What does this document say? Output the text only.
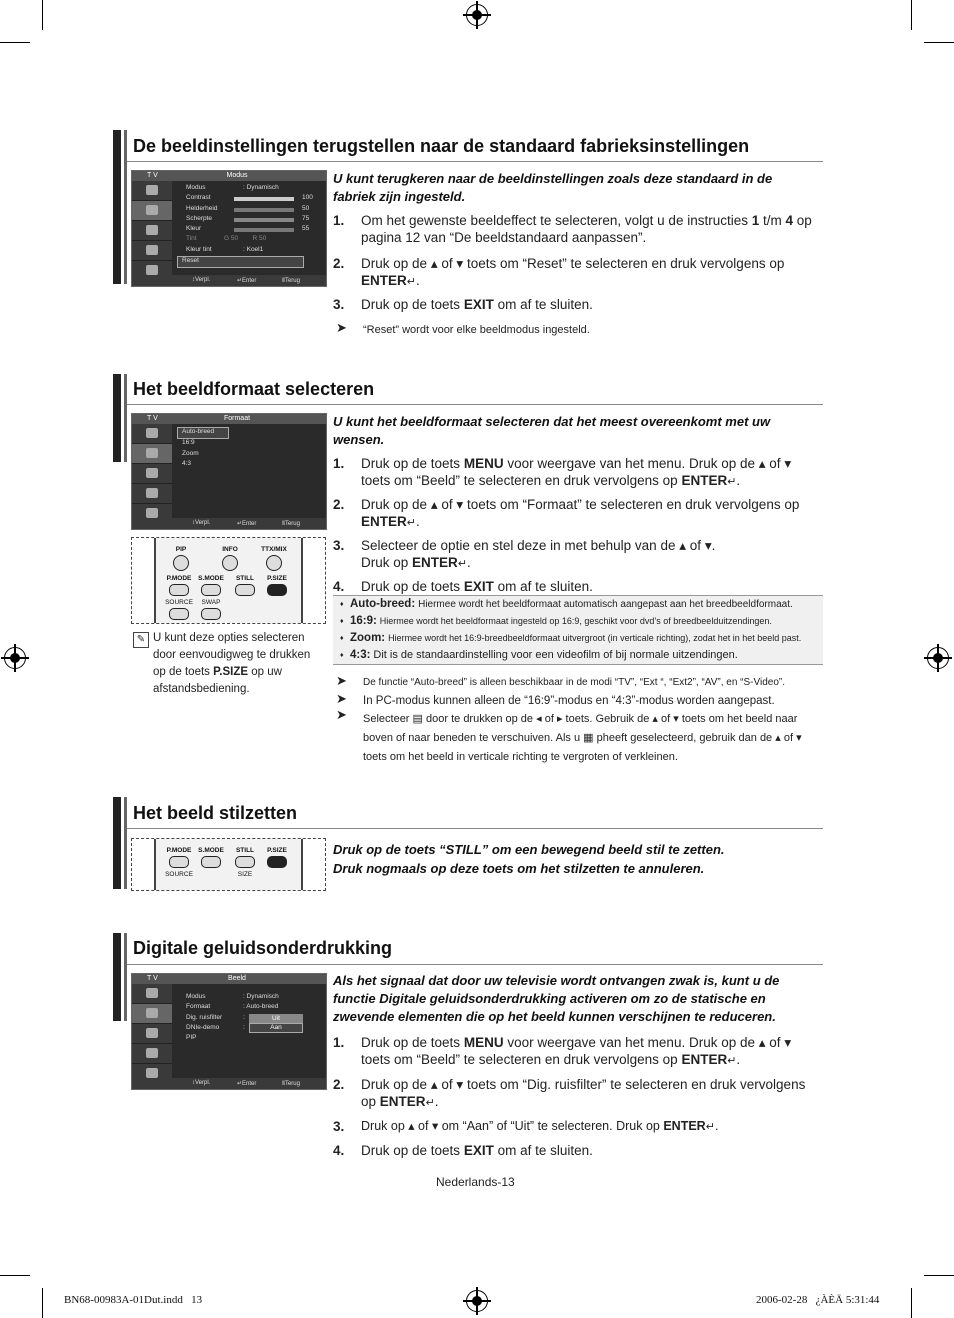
De beeldinstellingen terugstellen naar de standaard fabrieksinstellingen
T V	Modus
Modus	: Dynamisch
Contrast	100
Helderheid	50
Scherpte	75
Kleur	55
Tint	G 50        R 50
Kleur tint	: Koel1
Reset
↕Verpl.	↵Enter	ⅡTerug
U kunt terugkeren naar de beeldinstellingen zoals deze standaard in de fabriek zijn ingesteld.
1. Om het gewenste beeldeffect te selecteren, volgt u de instructies 1 t/m 4 op pagina 12 van “De beeldstandaard aanpassen”.
2. Druk op de ▴ of ▾ toets om “Reset” te selecteren en druk vervolgens op ENTER↵.
3. Druk op de toets EXIT om af te sluiten.
➤ “Reset” wordt voor elke beeldmodus ingesteld.
Het beeldformaat selecteren
T V	Formaat
Auto-breed
16:9
Zoom
4:3
↕Verpl.	↵Enter	ⅡTerug
PIP	INFO	TTX/MIX
P.MODE	S.MODE	STILL	P.SIZE
SOURCE	SWAP
✎ U kunt deze opties selecteren door eenvoudigweg te drukken op de toets P.SIZE op uw afstandsbediening.
U kunt het beeldformaat selecteren dat het meest overeenkomt met uw wensen.
1. Druk op de toets MENU voor weergave van het menu. Druk op de ▴ of ▾ toets om “Beeld” te selecteren en druk vervolgens op ENTER↵.
2. Druk op de ▴ of ▾ toets om “Formaat” te selecteren en druk vervolgens op ENTER↵.
3. Selecteer de optie en stel deze in met behulp van de ▴ of ▾.
Druk op ENTER↵.
4. Druk op de toets EXIT om af te sluiten.
♦ Auto-breed: Hiermee wordt het beeldformaat automatisch aangepast aan het breedbeeldformaat.
♦ 16:9: Hiermee wordt het beeldformaat ingesteld op 16:9, geschikt voor dvd’s of breedbeelduitzendingen.
♦ Zoom: Hiermee wordt het 16:9-breedbeeldformaat uitvergroot (in verticale richting), zodat het in het beeld past.
♦ 4:3: Dit is de standaardinstelling voor een videofilm of bij normale uitzendingen.
➤ De functie “Auto-breed” is alleen beschikbaar in de modi “TV”, “Ext “, “Ext2”, “AV”, en “S-Video”.
➤ In PC-modus kunnen alleen de “16:9”-modus en “4:3”-modus worden aangepast.
➤ Selecteer ▤ door te drukken op de ◂ of ▸ toets. Gebruik de ▴ of ▾ toets om het beeld naar boven of naar beneden te verschuiven. Als u ▦ pheeft geselecteerd, gebruik dan de ▴ of ▾ toets om het beeld in verticale richting te vergroten of verkleinen.
Het beeld stilzetten
P.MODE	S.MODE	STILL	P.SIZE
SOURCE	SIZE
Druk op de toets “STILL” om een bewegend beeld stil te zetten.
Druk nogmaals op deze toets om het stilzetten te annuleren.
Digitale geluidsonderdrukking
T V	Beeld
Modus	: Dynamisch
Formaat	: Auto-breed
Dig. ruisfilter	:
DNIe-demo	:
PIP
Uit
Aan
↕Verpl.	↵Enter	ⅡTerug
Als het signaal dat door uw televisie wordt ontvangen zwak is, kunt u de functie Digitale geluidsonderdrukking activeren om zo de statische en zwevende elementen die op het beeld kunnen verschijnen te reduceren.
1. Druk op de toets MENU voor weergave van het menu. Druk op de ▴ of ▾ toets om “Beeld” te selecteren en druk vervolgens op ENTER↵.
2. Druk op de ▴ of ▾ toets om “Dig. ruisfilter” te selecteren en druk vervolgens op ENTER↵.
3. Druk op ▴ of ▾ om “Aan” of “Uit” te selecteren. Druk op ENTER↵.
4. Druk op de toets EXIT om af te sluiten.
Nederlands-13
BN68-00983A-01Dut.indd   13	2006-02-28   ¿ÀÈÄ 5:31:44
